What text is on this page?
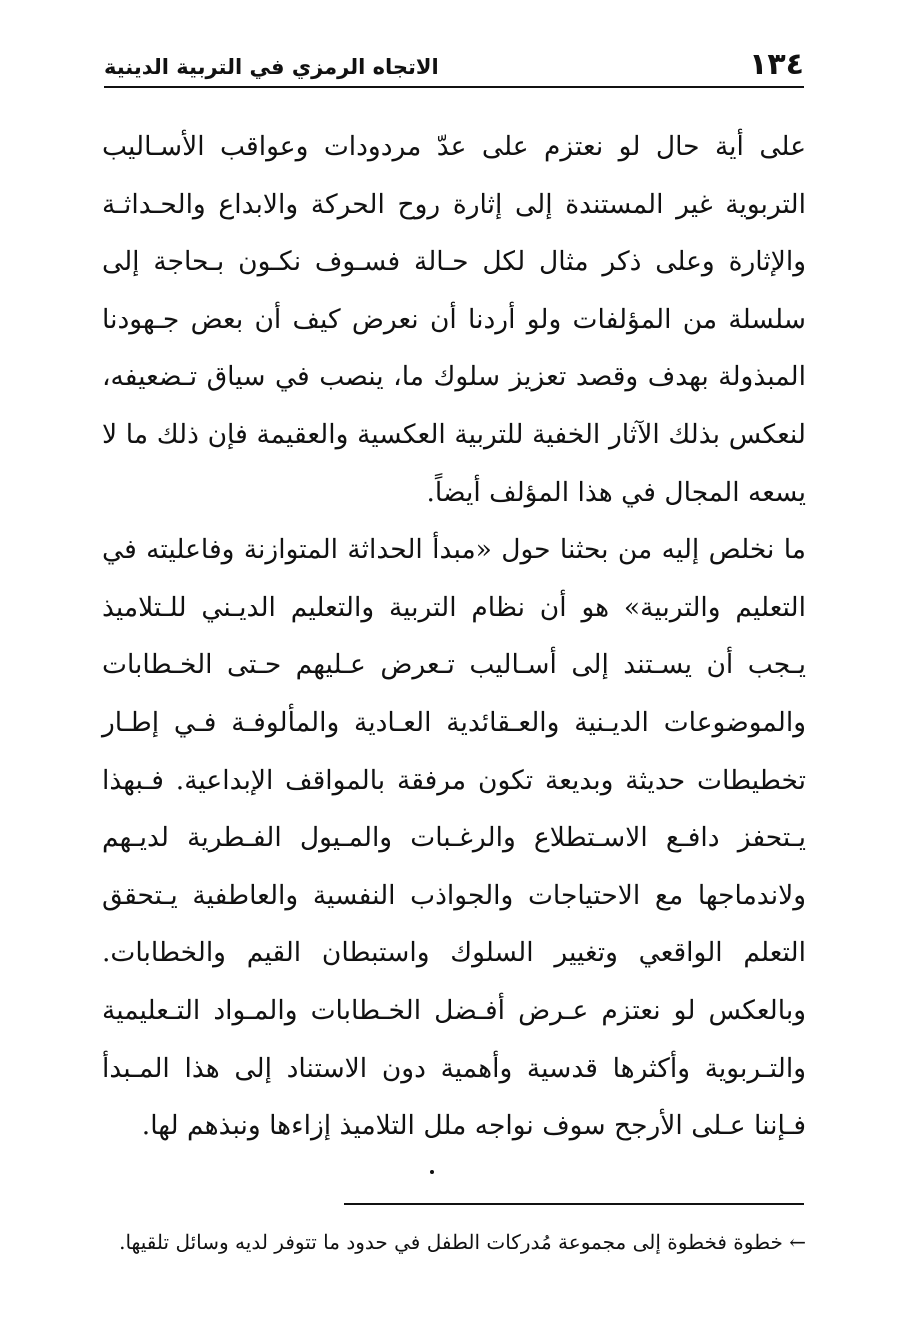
١٣٤
الاتجاه الرمزي في التربية الدينية

على أية حال لو نعتزم على عدّ مردودات وعواقب الأسـاليب التربوية غير المستندة إلى إثارة روح الحركة والابداع والحـداثـة والإثارة وعلى ذكر مثال لكل حـالة فسـوف نكـون بـحاجة إلى سلسلة من المؤلفات ولو أردنا أن نعرض كيف أن بعض جـهودنا المبذولة بهدف وقصد تعزيز سلوك ما، ينصب في سياق تـضعيفه، لنعكس بذلك الآثار الخفية للتربية العكسية والعقيمة فإن ذلك ما لا يسعه المجال في هذا المؤلف أيضاً.

ما نخلص إليه من بحثنا حول «مبدأ الحداثة المتوازنة وفاعليته في التعليم والتربية» هو أن نظام التربية والتعليم الديـني للـتلاميذ يـجب أن يسـتند إلى أسـاليب تـعرض عـليهم حـتى الخـطابات والموضوعات الديـنية والعـقائدية العـادية والمألوفـة فـي إطـار تخطيطات حديثة وبديعة تكون مرفقة بالمواقف الإبداعية. فـبهذا يـتحفز دافـع الاسـتطلاع والرغـبات والمـيول الفـطرية لديـهم ولاندماجها مع الاحتياجات والجواذب النفسية والعاطفية يـتحقق التعلم الواقعي وتغيير السلوك واستبطان القيم والخطابات. وبالعكس لو نعتزم عـرض أفـضل الخـطابات والمـواد التـعليمية والتـربوية وأكثرها قدسية وأهمية دون الاستناد إلى هذا المـبدأ فـإننا عـلى الأرجح سوف نواجه ملل التلاميذ إزاءها ونبذهم لها.

← خطوة فخطوة إلى مجموعة مُدركات الطفل في حدود ما تتوفر لديه وسائل تلقيها.
